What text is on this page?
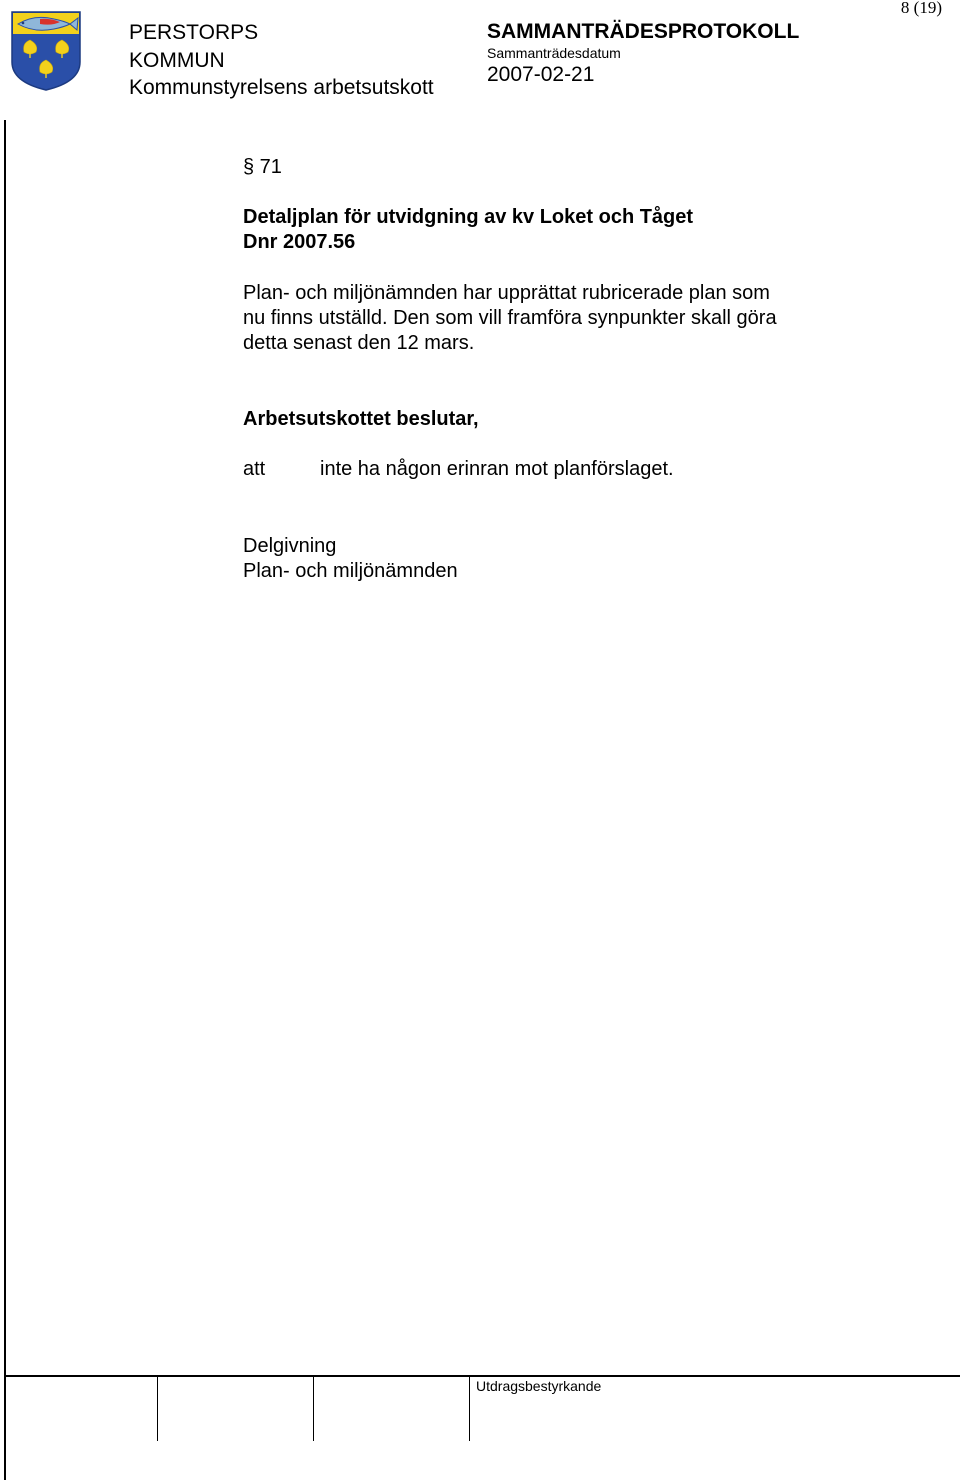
8 (19)
PERSTORPS
KOMMUN
Kommunstyrelsens arbetsutskott
SAMMANTRÄDESPROTOKOLL
Sammanträdesdatum
2007-02-21
§ 71
Detaljplan för utvidgning av kv Loket och Tåget
Dnr 2007.56
Plan- och miljönämnden har upprättat rubricerade plan som
nu finns utställd. Den som vill framföra synpunkter skall göra
detta senast den 12 mars.
Arbetsutskottet beslutar,
att	inte ha någon erinran mot planförslaget.
Delgivning
Plan- och miljönämnden
Utdragsbestyrkande
